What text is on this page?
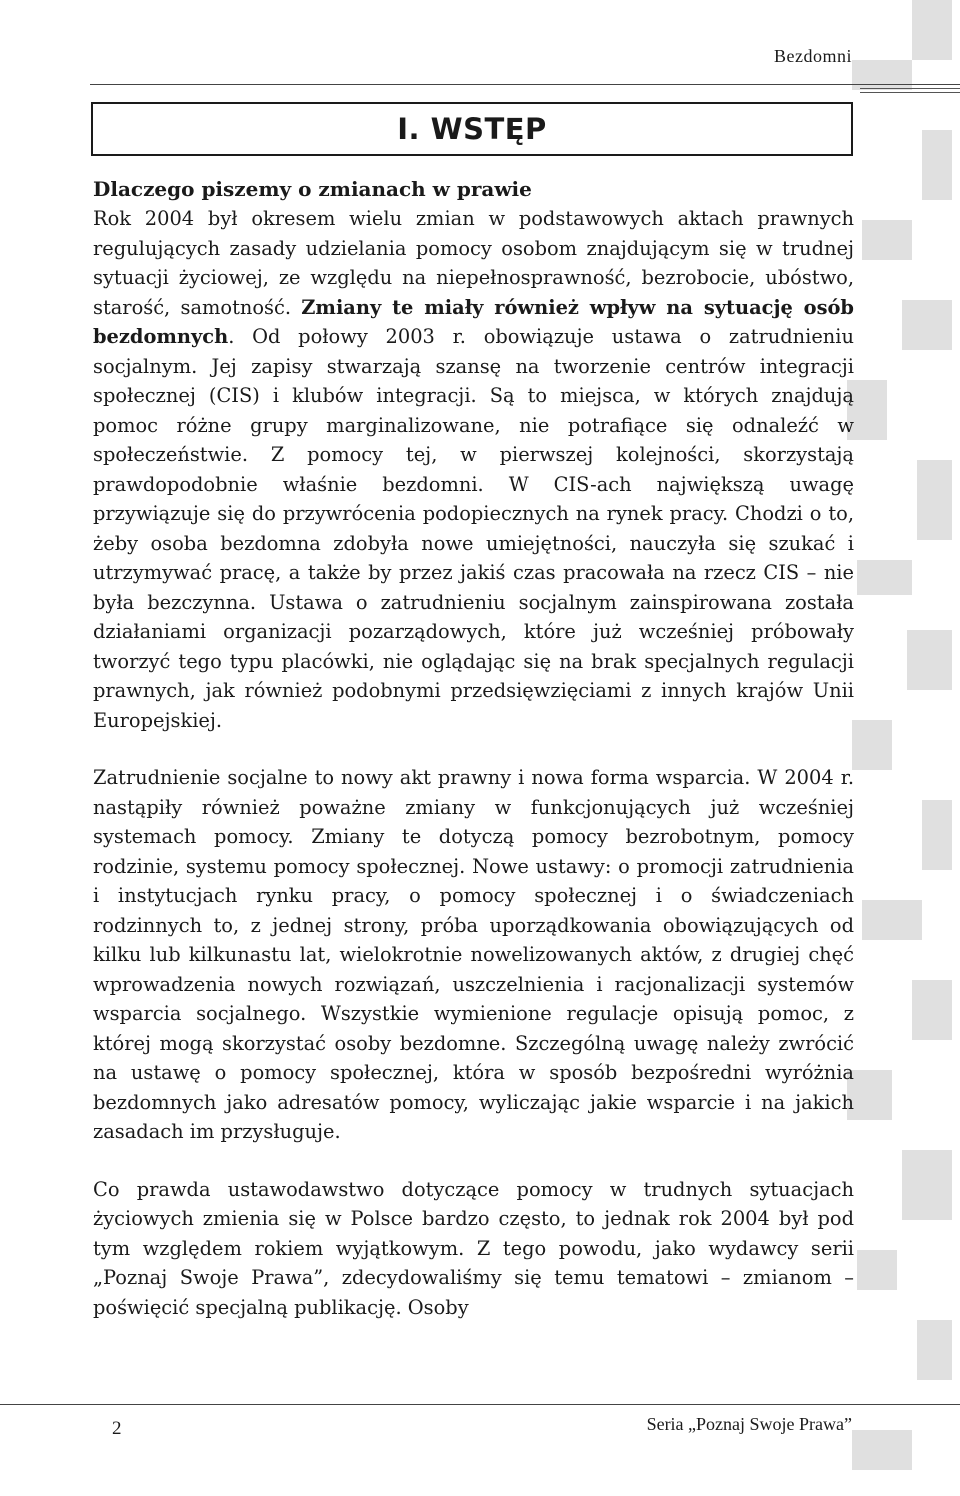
Bezdomni
I. WSTĘP
Dlaczego piszemy o zmianach w prawie

Rok 2004 był okresem wielu zmian w podstawowych aktach prawnych regulujących zasady udzielania pomocy osobom znajdującym się w trudnej sytuacji życiowej, ze względu na niepełnosprawność, bezrobocie, ubóstwo, starość, samotność. Zmiany te miały również wpływ na sytuację osób bezdomnych. Od połowy 2003 r. obowiązuje ustawa o zatrudnieniu socjalnym. Jej zapisy stwarzają szansę na tworzenie centrów integracji społecznej (CIS) i klubów integracji. Są to miejsca, w których znajdują pomoc różne grupy marginalizowane, nie potrafiące się odnaleźć w społeczeństwie. Z pomocy tej, w pierwszej kolejności, skorzystają prawdopodobnie właśnie bezdomni. W CIS-ach największą uwagę przywiązuje się do przywrócenia podopiecznych na rynek pracy. Chodzi o to, żeby osoba bezdomna zdobyła nowe umiejętności, nauczyła się szukać i utrzymywać pracę, a także by przez jakiś czas pracowała na rzecz CIS – nie była bezczynna. Ustawa o zatrudnieniu socjalnym zainspirowana została działaniami organizacji pozarządowych, które już wcześniej próbowały tworzyć tego typu placówki, nie oglądając się na brak specjalnych regulacji prawnych, jak również podobnymi przedsięwzięciami z innych krajów Unii Europejskiej.

Zatrudnienie socjalne to nowy akt prawny i nowa forma wsparcia. W 2004 r. nastąpiły również poważne zmiany w funkcjonujących już wcześniej systemach pomocy. Zmiany te dotyczą pomocy bezrobotnym, pomocy rodzinie, systemu pomocy społecznej. Nowe ustawy: o promocji zatrudnienia i instytucjach rynku pracy, o pomocy społecznej i o świadczeniach rodzinnych to, z jednej strony, próba uporządkowania obowiązujących od kilku lub kilkunastu lat, wielokrotnie nowelizowanych aktów, z drugiej chęć wprowadzenia nowych rozwiązań, uszczelnienia i racjonalizacji systemów wsparcia socjalnego. Wszystkie wymienione regulacje opisują pomoc, z której mogą skorzystać osoby bezdomne. Szczególną uwagę należy zwrócić na ustawę o pomocy społecznej, która w sposób bezpośredni wyróżnia bezdomnych jako adresatów pomocy, wyliczając jakie wsparcie i na jakich zasadach im przysługuje.

Co prawda ustawodawstwo dotyczące pomocy w trudnych sytuacjach życiowych zmienia się w Polsce bardzo często, to jednak rok 2004 był pod tym względem rokiem wyjątkowym. Z tego powodu, jako wydawcy serii „Poznaj Swoje Prawa”, zdecydowaliśmy się temu tematowi – zmianom – poświęcić specjalną publikację. Osoby

2	Seria „Poznaj Swoje Prawa”
